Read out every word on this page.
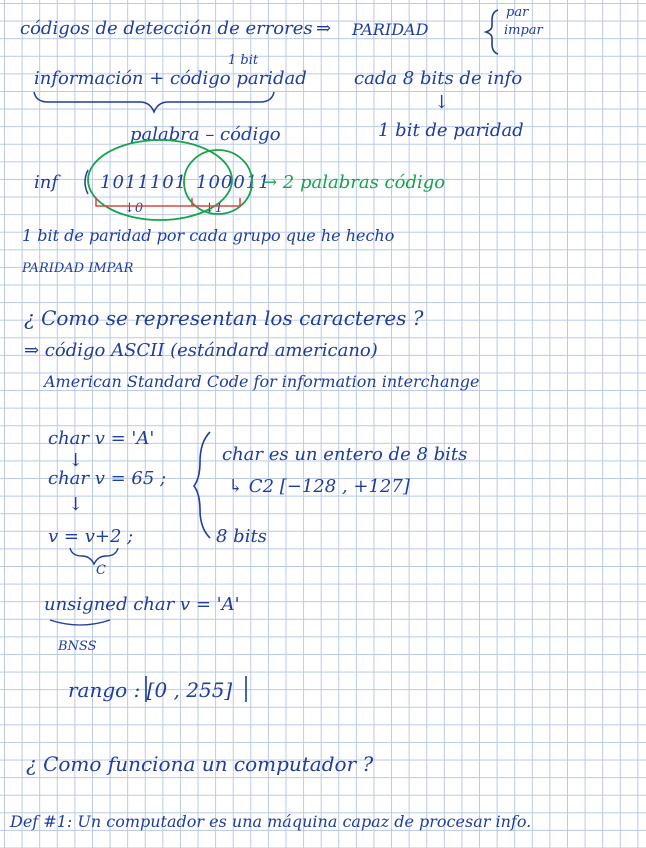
códigos de detección de errores ⇒ PARIDAD
par
impar
1 bit
información + código paridad	cada 8 bits de info
↓
1 bit de paridad
palabra – código
inf 1011101 100011
→ 2 palabras código
↓0	↓1
1 bit de paridad por cada grupo que he hecho
PARIDAD IMPAR
¿ Como se representan los caracteres ?
⇒ código ASCII (estándard americano)
American Standard Code for information interchange
char v = 'A'
↓
char v = 65 ;
↓
v = v+2 ;
C
char es un entero de 8 bits
↳ C2 [−128 , +127]
8 bits
unsigned char v = 'A'
BNSS
rango : [0 , 255]
¿ Como funciona un computador ?
Def #1: Un computador es una máquina capaz de procesar info.
